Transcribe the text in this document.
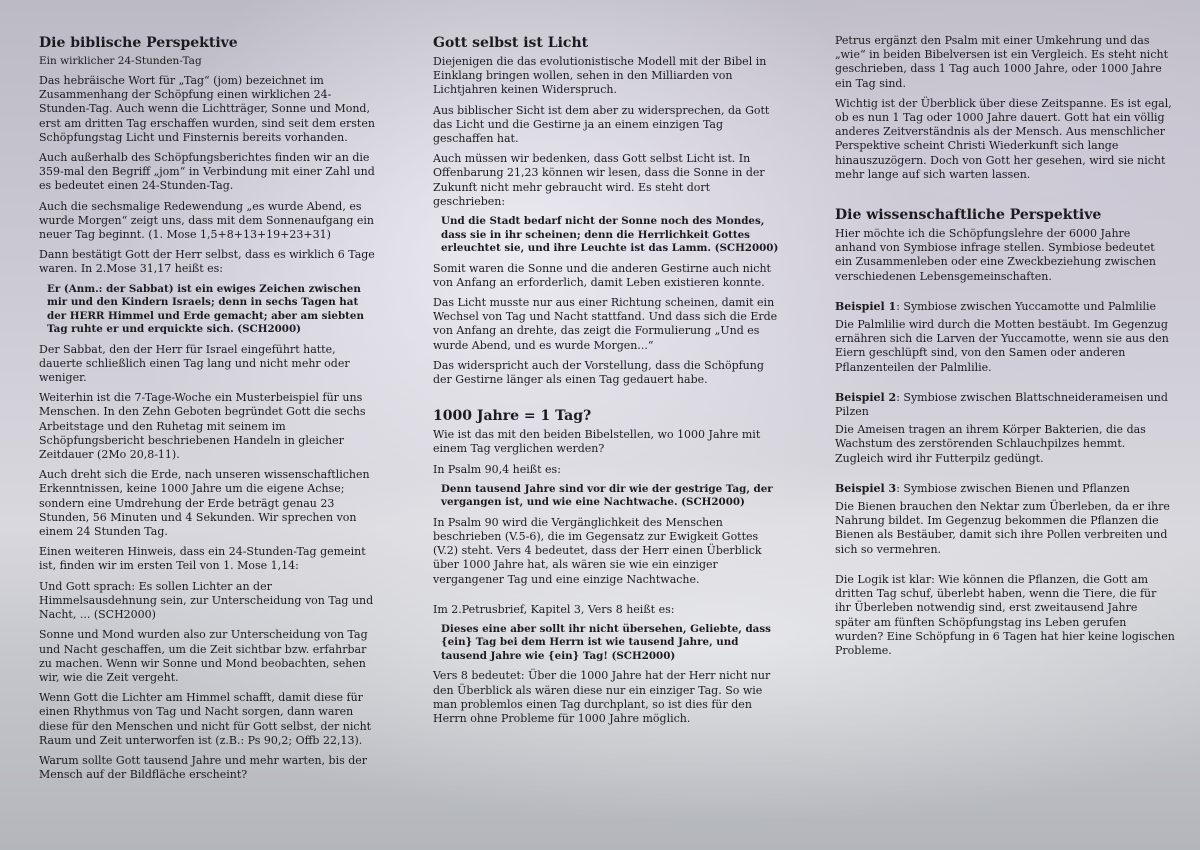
Die biblische Perspektive
Ein wirklicher 24-Stunden-Tag

Das hebräische Wort für „Tag“ (jom) bezeichnet im Zusammenhang der Schöpfung einen wirklichen 24-Stunden-Tag. Auch wenn die Lichtträger, Sonne und Mond, erst am dritten Tag erschaffen wurden, sind seit dem ersten Schöpfungstag Licht und Finsternis bereits vorhanden.

Auch außerhalb des Schöpfungsberichtes finden wir an die 359-mal den Begriff „jom“ in Verbindung mit einer Zahl und es bedeutet einen 24-Stunden-Tag.

Auch die sechsmalige Redewendung „es wurde Abend, es wurde Morgen“ zeigt uns, dass mit dem Sonnenaufgang ein neuer Tag beginnt. (1. Mose 1,5+8+13+19+23+31)

Dann bestätigt Gott der Herr selbst, dass es wirklich 6 Tage waren. In 2.Mose 31,17 heißt es:

Er (Anm.: der Sabbat) ist ein ewiges Zeichen zwischen mir und den Kindern Israels; denn in sechs Tagen hat der HERR Himmel und Erde gemacht; aber am siebten Tag ruhte er und erquickte sich. (SCH2000)

Der Sabbat, den der Herr für Israel eingeführt hatte, dauerte schließlich einen Tag lang und nicht mehr oder weniger.

Weiterhin ist die 7-Tage-Woche ein Musterbeispiel für uns Menschen. In den Zehn Geboten begründet Gott die sechs Arbeitstage und den Ruhetag mit seinem im Schöpfungsbericht beschriebenen Handeln in gleicher Zeitdauer (2Mo 20,8-11).

Auch dreht sich die Erde, nach unseren wissenschaftlichen Erkenntnissen, keine 1000 Jahre um die eigene Achse; sondern eine Umdrehung der Erde beträgt genau 23 Stunden, 56 Minuten und 4 Sekunden. Wir sprechen von einem 24 Stunden Tag.

Einen weiteren Hinweis, dass ein 24-Stunden-Tag gemeint ist, finden wir im ersten Teil von 1. Mose 1,14:

Und Gott sprach: Es sollen Lichter an der Himmelsausdehnung sein, zur Unterscheidung von Tag und Nacht, ... (SCH2000)

Sonne und Mond wurden also zur Unterscheidung von Tag und Nacht geschaffen, um die Zeit sichtbar bzw. erfahrbar zu machen. Wenn wir Sonne und Mond beobachten, sehen wir, wie die Zeit vergeht.

Wenn Gott die Lichter am Himmel schafft, damit diese für einen Rhythmus von Tag und Nacht sorgen, dann waren diese für den Menschen und nicht für Gott selbst, der nicht Raum und Zeit unterworfen ist (z.B.: Ps 90,2; Offb 22,13).

Warum sollte Gott tausend Jahre und mehr warten, bis der Mensch auf der Bildfläche erscheint?

Gott selbst ist Licht

Diejenigen die das evolutionistische Modell mit der Bibel in Einklang bringen wollen, sehen in den Milliarden von Lichtjahren keinen Widerspruch.

Aus biblischer Sicht ist dem aber zu widersprechen, da Gott das Licht und die Gestirne ja an einem einzigen Tag geschaffen hat.

Auch müssen wir bedenken, dass Gott selbst Licht ist. In Offenbarung 21,23 können wir lesen, dass die Sonne in der Zukunft nicht mehr gebraucht wird. Es steht dort geschrieben:

Und die Stadt bedarf nicht der Sonne noch des Mondes, dass sie in ihr scheinen; denn die Herrlichkeit Gottes erleuchtet sie, und ihre Leuchte ist das Lamm. (SCH2000)

Somit waren die Sonne und die anderen Gestirne auch nicht von Anfang an erforderlich, damit Leben existieren konnte.

Das Licht musste nur aus einer Richtung scheinen, damit ein Wechsel von Tag und Nacht stattfand. Und dass sich die Erde von Anfang an drehte, das zeigt die Formulierung „Und es wurde Abend, und es wurde Morgen...“

Das widerspricht auch der Vorstellung, dass die Schöpfung der Gestirne länger als einen Tag gedauert habe.

1000 Jahre = 1 Tag?

Wie ist das mit den beiden Bibelstellen, wo 1000 Jahre mit einem Tag verglichen werden?

In Psalm 90,4 heißt es:

Denn tausend Jahre sind vor dir wie der gestrige Tag, der vergangen ist, und wie eine Nachtwache. (SCH2000)

In Psalm 90 wird die Vergänglichkeit des Menschen beschrieben (V.5-6), die im Gegensatz zur Ewigkeit Gottes (V.2) steht. Vers 4 bedeutet, dass der Herr einen Überblick über 1000 Jahre hat, als wären sie wie ein einziger vergangener Tag und eine einzige Nachtwache.

Im 2.Petrusbrief, Kapitel 3, Vers 8 heißt es:

Dieses eine aber sollt ihr nicht übersehen, Geliebte, dass {ein} Tag bei dem Herrn ist wie tausend Jahre, und tausend Jahre wie {ein} Tag! (SCH2000)

Vers 8 bedeutet: Über die 1000 Jahre hat der Herr nicht nur den Überblick als wären diese nur ein einziger Tag. So wie man problemlos einen Tag durchplant, so ist dies für den Herrn ohne Probleme für 1000 Jahre möglich.

Petrus ergänzt den Psalm mit einer Umkehrung und das „wie“ in beiden Bibelversen ist ein Vergleich. Es steht nicht geschrieben, dass 1 Tag auch 1000 Jahre, oder 1000 Jahre ein Tag sind.

Wichtig ist der Überblick über diese Zeitspanne. Es ist egal, ob es nun 1 Tag oder 1000 Jahre dauert. Gott hat ein völlig anderes Zeitverständnis als der Mensch. Aus menschlicher Perspektive scheint Christi Wiederkunft sich lange hinauszuzögern. Doch von Gott her gesehen, wird sie nicht mehr lange auf sich warten lassen.

Die wissenschaftliche Perspektive

Hier möchte ich die Schöpfungslehre der 6000 Jahre anhand von Symbiose infrage stellen. Symbiose bedeutet ein Zusammenleben oder eine Zweckbeziehung zwischen verschiedenen Lebensgemeinschaften.

Beispiel 1: Symbiose zwischen Yuccamotte und Palmlilie

Die Palmlilie wird durch die Motten bestäubt. Im Gegenzug ernähren sich die Larven der Yuccamotte, wenn sie aus den Eiern geschlüpft sind, von den Samen oder anderen Pflanzenteilen der Palmlilie.

Beispiel 2: Symbiose zwischen Blattschneiderameisen und Pilzen

Die Ameisen tragen an ihrem Körper Bakterien, die das Wachstum des zerstörenden Schlauchpilzes hemmt. Zugleich wird ihr Futterpilz gedüngt.

Beispiel 3: Symbiose zwischen Bienen und Pflanzen

Die Bienen brauchen den Nektar zum Überleben, da er ihre Nahrung bildet. Im Gegenzug bekommen die Pflanzen die Bienen als Bestäuber, damit sich ihre Pollen verbreiten und sich so vermehren.

Die Logik ist klar: Wie können die Pflanzen, die Gott am dritten Tag schuf, überlebt haben, wenn die Tiere, die für ihr Überleben notwendig sind, erst zweitausend Jahre später am fünften Schöpfungstag ins Leben gerufen wurden? Eine Schöpfung in 6 Tagen hat hier keine logischen Probleme.
